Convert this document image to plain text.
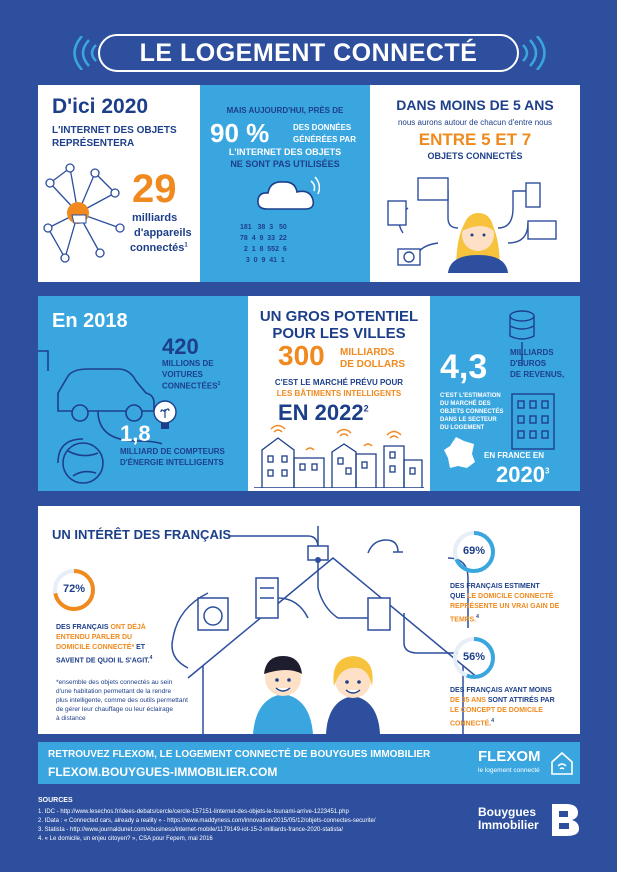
LE LOGEMENT CONNECTÉ
D'ici 2020
L'INTERNET DES OBJETS
REPRÉSENTERA
29
milliards
d'appareils
connectés$^1$
MAIS AUJOURD'HUI, PRÈS DE
90 %	DES DONNÉES
GÉNÉRÉES PAR
L'INTERNET DES OBJETS
NE SONT PAS UTILISÉES
181 38 3 50
78 4 9 33 22
2 1 8 552 6
3 0 9 41 1
DANS MOINS DE 5 ANS
nous aurons autour de chacun d'entre nous
ENTRE 5 ET 7
OBJETS CONNECTÉS
En 2018
420
MILLIONS DE
VOITURES
CONNECTÉES$^2$
1,8
MILLIARD DE COMPTEURS
D'ÉNERGIE INTELLIGENTS
UN GROS POTENTIEL
POUR LES VILLES
300 MILLIARDS
DE DOLLARS
C'EST LE MARCHÉ PRÉVU POUR
LES BÂTIMENTS INTELLIGENTS
EN 2022$^2$
4,3	MILLIARDS
D'EUROS
DE REVENUS,
C'EST L'ESTIMATION
DU MARCHÉ DES
OBJETS CONNECTÉS
DANS LE SECTEUR
DU LOGEMENT
EN FRANCE EN
2020$^3$
UN INTÉRÊT DES FRANÇAIS
72%
DES FRANÇAIS ONT DÉJÀ
ENTENDU PARLER DU
DOMICILE CONNECTÉ* ET
SAVENT DE QUOI IL S'AGIT.$^4$
*ensemble des objets connectés au sein
d'une habitation permettant de la rendre
plus intelligente, comme des outils permettant
de gérer leur chauffage ou leur éclairage
à distance
69%
DES FRANÇAIS ESTIMENT
QUE LE DOMICILE CONNECTÉ
REPRÉSENTE UN VRAI GAIN DE
TEMPS.$^4$
56%
DES FRANÇAIS AYANT MOINS
DE 35 ANS SONT ATTIRÉS PAR
LE CONCEPT DE DOMICILE
CONNECTÉ.$^4$
RETROUVEZ FLEXOM, LE LOGEMENT CONNECTÉ DE BOUYGUES IMMOBILIER
FLEXOM.BOUYGUES-IMMOBILIER.COM
FLEXOM
le logement connecté
SOURCES
1. IDC - http://www.lesechos.fr/idees-debats/cercle/cercle-157151-linternet-des-objets-le-tsunami-arrive-1223451.php
2. IData : « Connected cars, already a reality » - https://www.maddyness.com/innovation/2015/05/12/objets-connectes-securite/
3. Statista - http://www.journaldunet.com/ebusiness/internet-mobile/1179149-iot-15-2-milliards-france-2020-statista/
4. « Le domicile, un enjeu citoyen? », CSA pour Fepem, mai 2016
Bouygues
Immobilier
